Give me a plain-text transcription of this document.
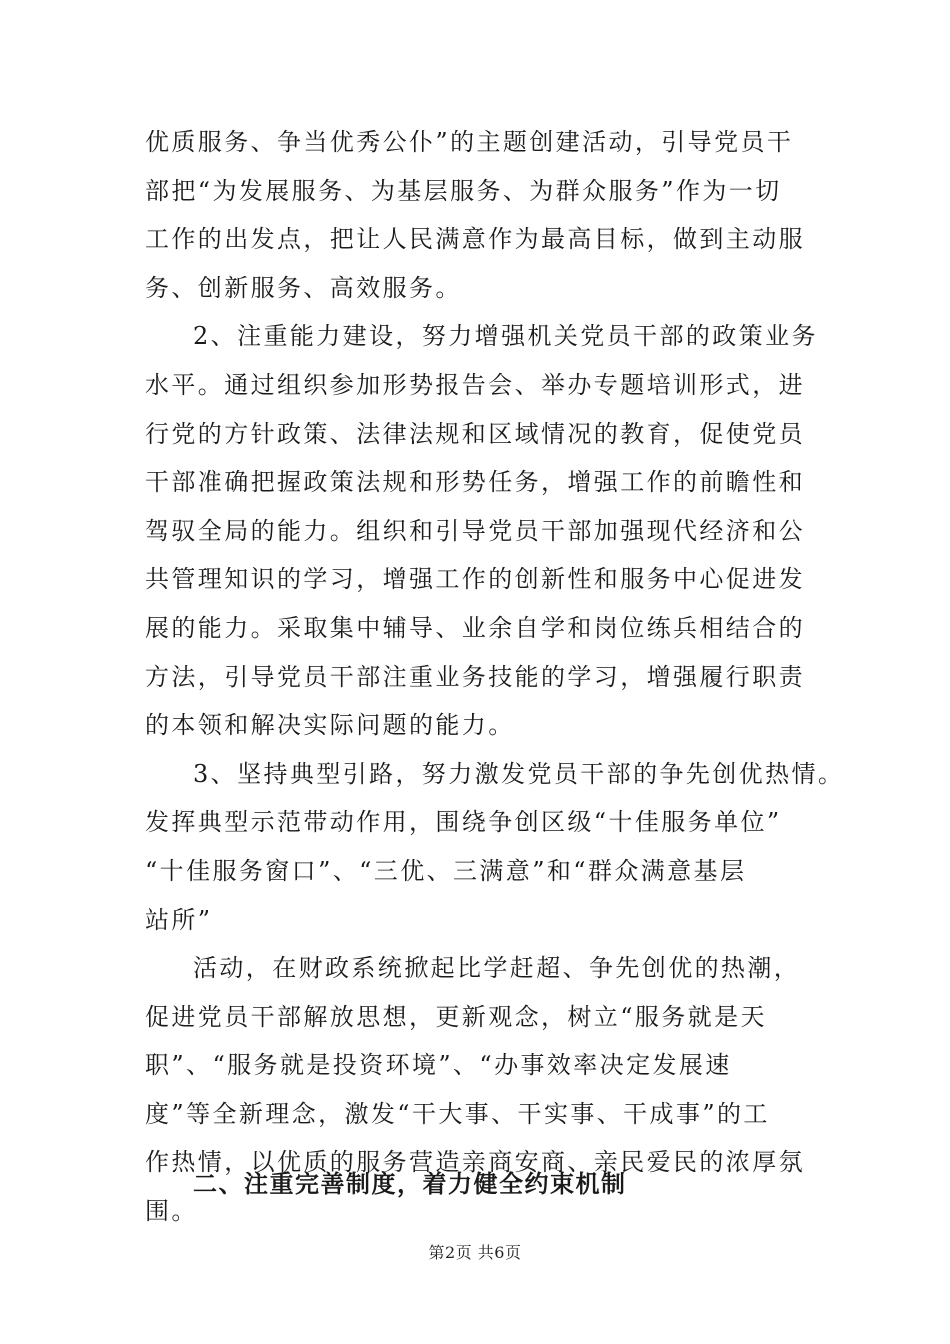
优质服务、争当优秀公仆”的主题创建活动，引导党员干
部把“为发展服务、为基层服务、为群众服务”作为一切
工作的出发点，把让人民满意作为最高目标，做到主动服
务、创新服务、高效服务。

2、注重能力建设，努力增强机关党员干部的政策业务
水平。通过组织参加形势报告会、举办专题培训形式，进
行党的方针政策、法律法规和区域情况的教育，促使党员
干部准确把握政策法规和形势任务，增强工作的前瞻性和
驾驭全局的能力。组织和引导党员干部加强现代经济和公
共管理知识的学习，增强工作的创新性和服务中心促进发
展的能力。采取集中辅导、业余自学和岗位练兵相结合的
方法，引导党员干部注重业务技能的学习，增强履行职责
的本领和解决实际问题的能力。

3、坚持典型引路，努力激发党员干部的争先创优热情。
发挥典型示范带动作用，围绕争创区级“十佳服务单位”
“十佳服务窗口”、“三优、三满意”和“群众满意基层
站所”

活动，在财政系统掀起比学赶超、争先创优的热潮，
促进党员干部解放思想，更新观念，树立“服务就是天
职”、“服务就是投资环境”、“办事效率决定发展速
度”等全新理念，激发“干大事、干实事、干成事”的工
作热情，以优质的服务营造亲商安商、亲民爱民的浓厚氛
围。

二、注重完善制度，着力健全约束机制
第2页 共6页
